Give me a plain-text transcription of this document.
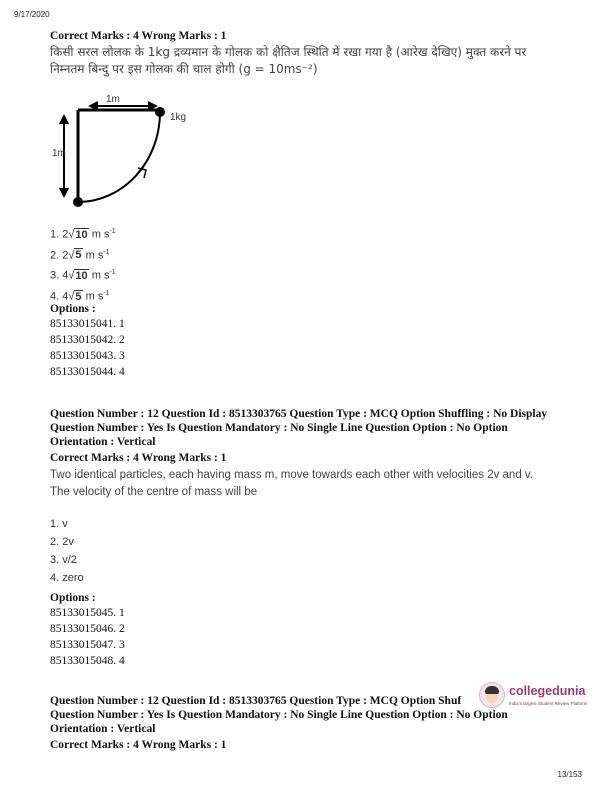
9/17/2020
Correct Marks : 4 Wrong Marks : 1
किसी सरल लोलक के 1kg द्रव्यमान के गोलक को क्षैतिज स्थिति में रखा गया है (आरेख देखिए) मुक्त करने पर
निम्नतम बिन्दु पर इस गोलक की चाल होगी (g = 10ms⁻²)
1m
1m
1kg
1. 2√10 m $s^{-1}$
2. 2√5 m $s^{-1}$
3. 4√10 m $s^{-1}$
4. 4√5 m $s^{-1}$
Options :
85133015041. 1
85133015042. 2
85133015043. 3
85133015044. 4
Question Number : 12 Question Id : 8513303765 Question Type : MCQ Option Shuffling : No Display
Question Number : Yes Is Question Mandatory : No Single Line Question Option : No Option
Orientation : Vertical
Correct Marks : 4 Wrong Marks : 1
Two identical particles, each having mass m, move towards each other with velocities 2v and v.
The velocity of the centre of mass will be
1. v
2. 2v
3. v/2
4. zero
Options :
85133015045. 1
85133015046. 2
85133015047. 3
85133015048. 4
Question Number : 12 Question Id : 8513303765 Question Type : MCQ Option Shuf
Question Number : Yes Is Question Mandatory : No Single Line Question Option : No Option
Orientation : Vertical
Correct Marks : 4 Wrong Marks : 1
collegedunia
India's largest Student Review Platform
13/153
